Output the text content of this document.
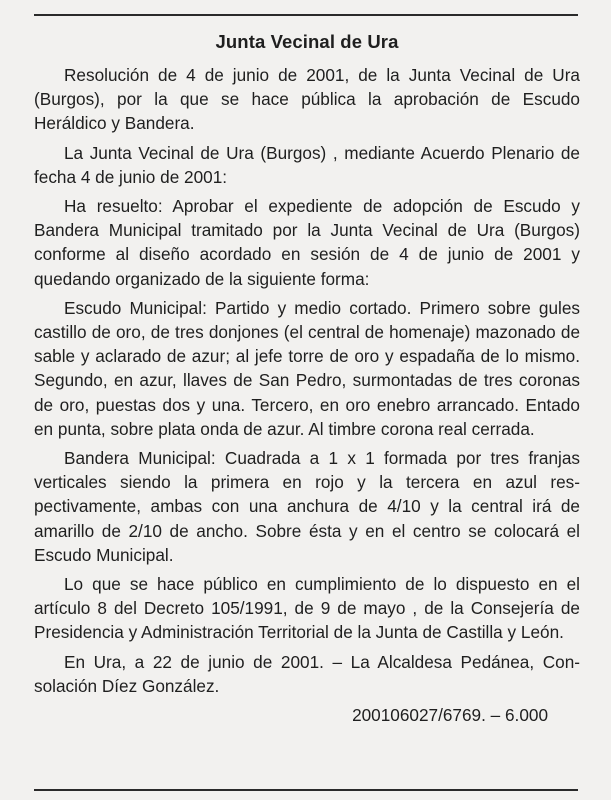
Junta Vecinal de Ura

Resolución de 4 de junio de 2001, de la Junta Vecinal de Ura (Burgos), por la que se hace pública la aprobación de Escudo Heráldico y Bandera.

La Junta Vecinal de Ura (Burgos) , mediante Acuerdo Plenario de fecha 4 de junio de 2001:

Ha resuelto: Aprobar el expediente de adopción de Escudo y Bandera Municipal tramitado por la Junta Vecinal de Ura (Burgos) conforme al diseño acordado en sesión de 4 de junio de 2001 y quedando organizado de la siguiente forma:

Escudo Municipal: Partido y medio cortado. Primero sobre gules castillo de oro, de tres donjones (el central de homenaje) mazonado de sable y aclarado de azur; al jefe torre de oro y espadaña de lo mismo. Segundo, en azur, llaves de San Pedro, surmontadas de tres coronas de oro, puestas dos y una. Tercero, en oro enebro arrancado. Entado en punta, sobre plata onda de azur. Al timbre corona real cerrada.

Bandera Municipal: Cuadrada a 1 x 1 formada por tres franjas verticales siendo la primera en rojo y la tercera en azul respectivamente, ambas con una anchura de 4/10 y la central irá de amarillo de 2/10 de ancho. Sobre ésta y en el centro se colocará el Escudo Municipal.

Lo que se hace público en cumplimiento de lo dispuesto en el artículo 8 del Decreto 105/1991, de 9 de mayo , de la Consejería de Presidencia y Administración Territorial de la Junta de Castilla y León.

En Ura, a 22 de junio de 2001. – La Alcaldesa Pedánea, Consolación Díez González.

200106027/6769. – 6.000
